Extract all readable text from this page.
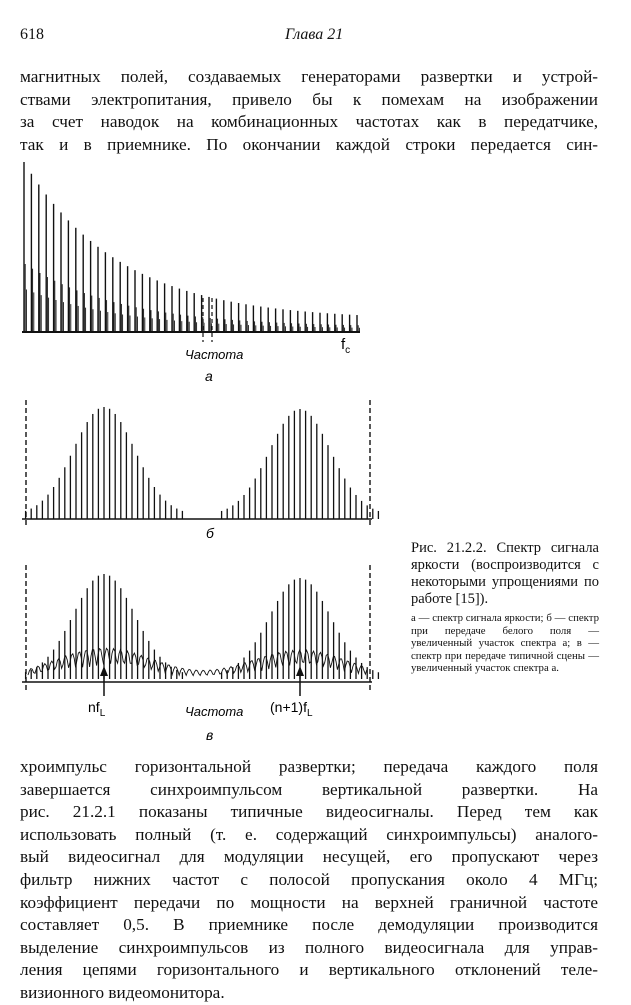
618	Глава 21
магнитных полей, создаваемых генераторами развертки и устрой-
ствами электропитания, привело бы к помехам на изображении
за счет наводок на комбинационных частотах как в передатчике,
так и в приемнике. По окончании каждой строки передается син-
Частота
$f_c$
а
б
$nf_L$	Частота $(n+1)f_L$
в

Рис. 21.2.2. Спектр сигнала яркости (воспроизводится с некоторыми упрощениями по работе [15]).

а — спектр сигнала яркости; б — спектр при передаче белого поля — увеличенный участок спектра а; в — спектр при передаче типичной сцены — увеличенный участок спектра а.

хроимпульс горизонтальной развертки; передача каждого поля
завершается синхроимпульсом вертикальной развертки. На
рис. 21.2.1 показаны типичные видеосигналы. Перед тем как
использовать полный (т. е. содержащий синхроимпульсы) аналого-
вый видеосигнал для модуляции несущей, его пропускают через
фильтр нижних частот с полосой пропускания около 4 МГц;
коэффициент передачи по мощности на верхней граничной частоте
составляет 0,5. В приемнике после демодуляции производится
выделение синхроимпульсов из полного видеосигнала для управ-
ления цепями горизонтального и вертикального отклонений теле-
визионного видеомонитора.
